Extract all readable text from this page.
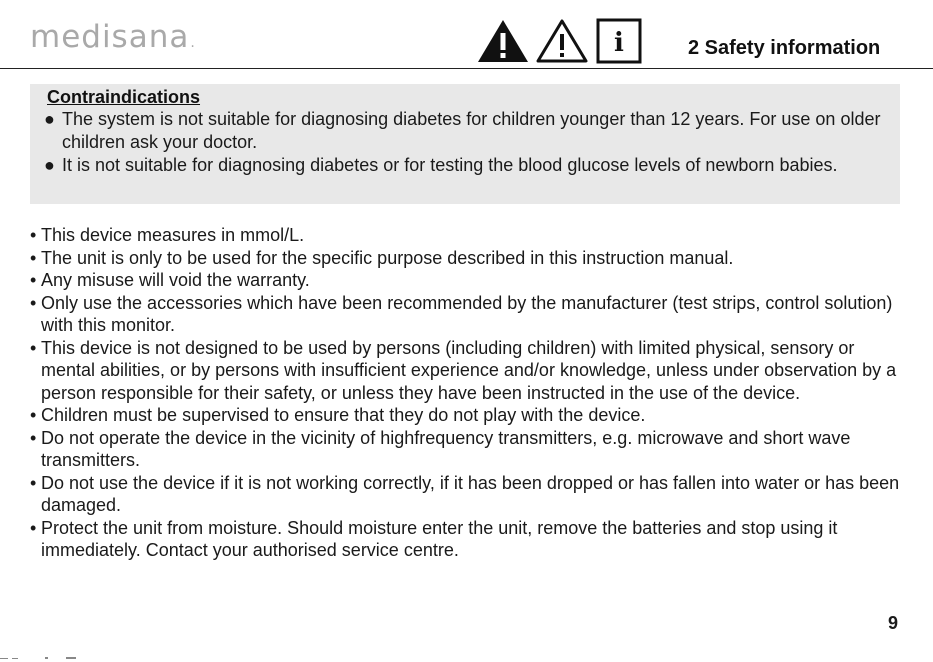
medisana.	i	2 Safety information
Contraindications
● The system is not suitable for diagnosing diabetes for children younger than 12 years. For use on older children ask your doctor.
● It is not suitable for diagnosing diabetes or for testing the blood glucose levels of newborn babies.
• This device measures in mmol/L.
• The unit is only to be used for the specific purpose described in this instruction manual.
• Any misuse will void the warranty.
• Only use the accessories which have been recommended by the manufacturer (test strips, control solution) with this monitor.
• This device is not designed to be used by persons (including children) with limited physical, sensory or mental abilities, or by persons with insufficient experience and/or knowledge, unless under observation by a person responsible for their safety, or unless they have been instructed in the use of the device.
• Children must be supervised to ensure that they do not play with the device.
• Do not operate the device in the vicinity of highfrequency transmitters, e.g. microwave and short wave transmitters.
• Do not use the device if it is not working correctly, if it has been dropped or has fallen into water or has been damaged.
• Protect the unit from moisture. Should moisture enter the unit, remove the batteries and stop using it immediately. Contact your authorised service centre.
9
